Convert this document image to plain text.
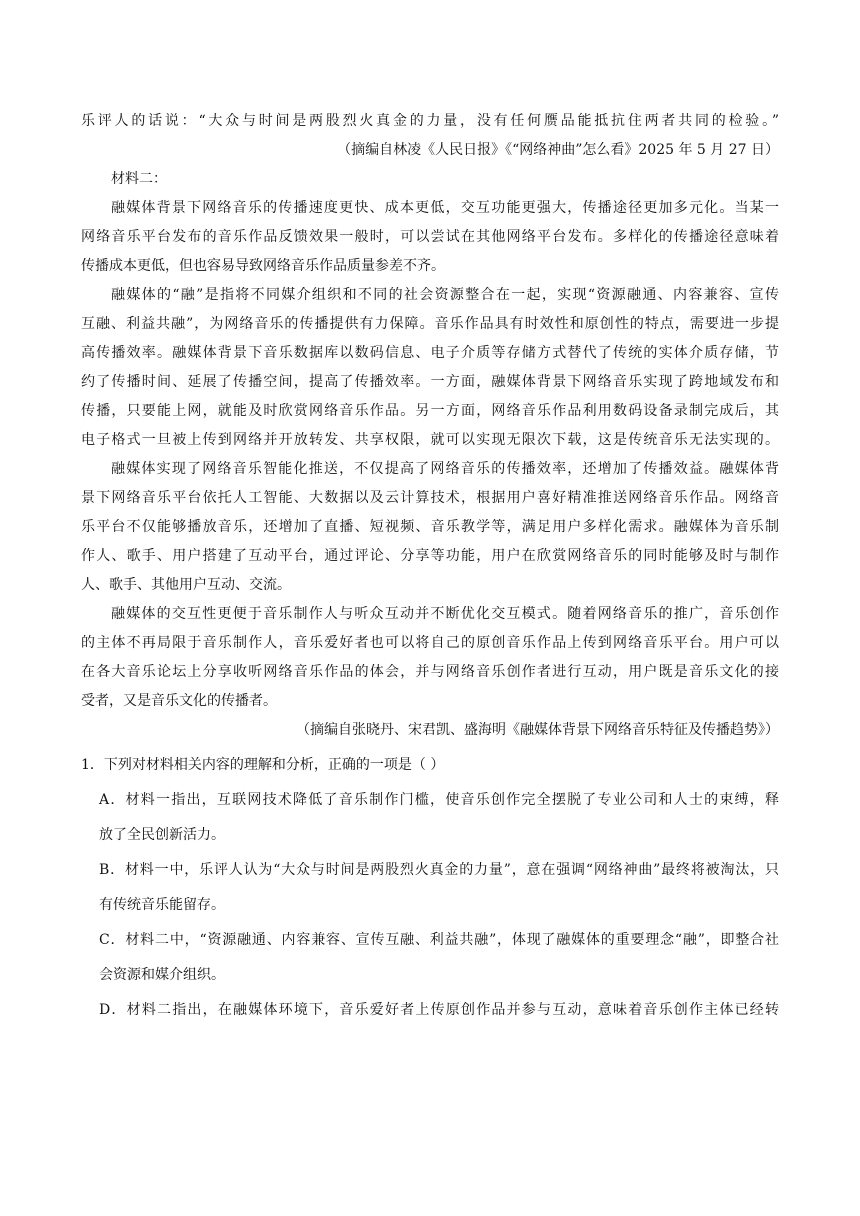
乐评人的话说：“大众与时间是两股烈火真金的力量，没有任何赝品能抵抗住两者共同的检验。”
（摘编自林凌《人民日报》《“网络神曲”怎么看》2025 年 5 月 27 日）
材料二：
融媒体背景下网络音乐的传播速度更快、成本更低，交互功能更强大，传播途径更加多元化。当某一
网络音乐平台发布的音乐作品反馈效果一般时，可以尝试在其他网络平台发布。多样化的传播途径意味着
传播成本更低，但也容易导致网络音乐作品质量参差不齐。
融媒体的“融”是指将不同媒介组织和不同的社会资源整合在一起，实现“资源融通、内容兼容、宣传
互融、利益共融”，为网络音乐的传播提供有力保障。音乐作品具有时效性和原创性的特点，需要进一步提
高传播效率。融媒体背景下音乐数据库以数码信息、电子介质等存储方式替代了传统的实体介质存储，节
约了传播时间、延展了传播空间，提高了传播效率。一方面，融媒体背景下网络音乐实现了跨地域发布和
传播，只要能上网，就能及时欣赏网络音乐作品。另一方面，网络音乐作品利用数码设备录制完成后，其
电子格式一旦被上传到网络并开放转发、共享权限，就可以实现无限次下载，这是传统音乐无法实现的。
融媒体实现了网络音乐智能化推送，不仅提高了网络音乐的传播效率，还增加了传播效益。融媒体背
景下网络音乐平台依托人工智能、大数据以及云计算技术，根据用户喜好精准推送网络音乐作品。网络音
乐平台不仅能够播放音乐，还增加了直播、短视频、音乐教学等，满足用户多样化需求。融媒体为音乐制
作人、歌手、用户搭建了互动平台，通过评论、分享等功能，用户在欣赏网络音乐的同时能够及时与制作
人、歌手、其他用户互动、交流。
融媒体的交互性更便于音乐制作人与听众互动并不断优化交互模式。随着网络音乐的推广，音乐创作
的主体不再局限于音乐制作人，音乐爱好者也可以将自己的原创音乐作品上传到网络音乐平台。用户可以
在各大音乐论坛上分享收听网络音乐作品的体会，并与网络音乐创作者进行互动，用户既是音乐文化的接
受者，又是音乐文化的传播者。
（摘编自张晓丹、宋君凯、盛海明《融媒体背景下网络音乐特征及传播趋势》）
1．下列对材料相关内容的理解和分析，正确的一项是（ ）
A．材料一指出，互联网技术降低了音乐制作门槛，使音乐创作完全摆脱了专业公司和人士的束缚，释
放了全民创新活力。
B．材料一中，乐评人认为“大众与时间是两股烈火真金的力量”，意在强调“网络神曲”最终将被淘汰，只
有传统音乐能留存。
C．材料二中，“资源融通、内容兼容、宣传互融、利益共融”，体现了融媒体的重要理念“融”，即整合社
会资源和媒介组织。
D．材料二指出，在融媒体环境下，音乐爱好者上传原创作品并参与互动，意味着音乐创作主体已经转
